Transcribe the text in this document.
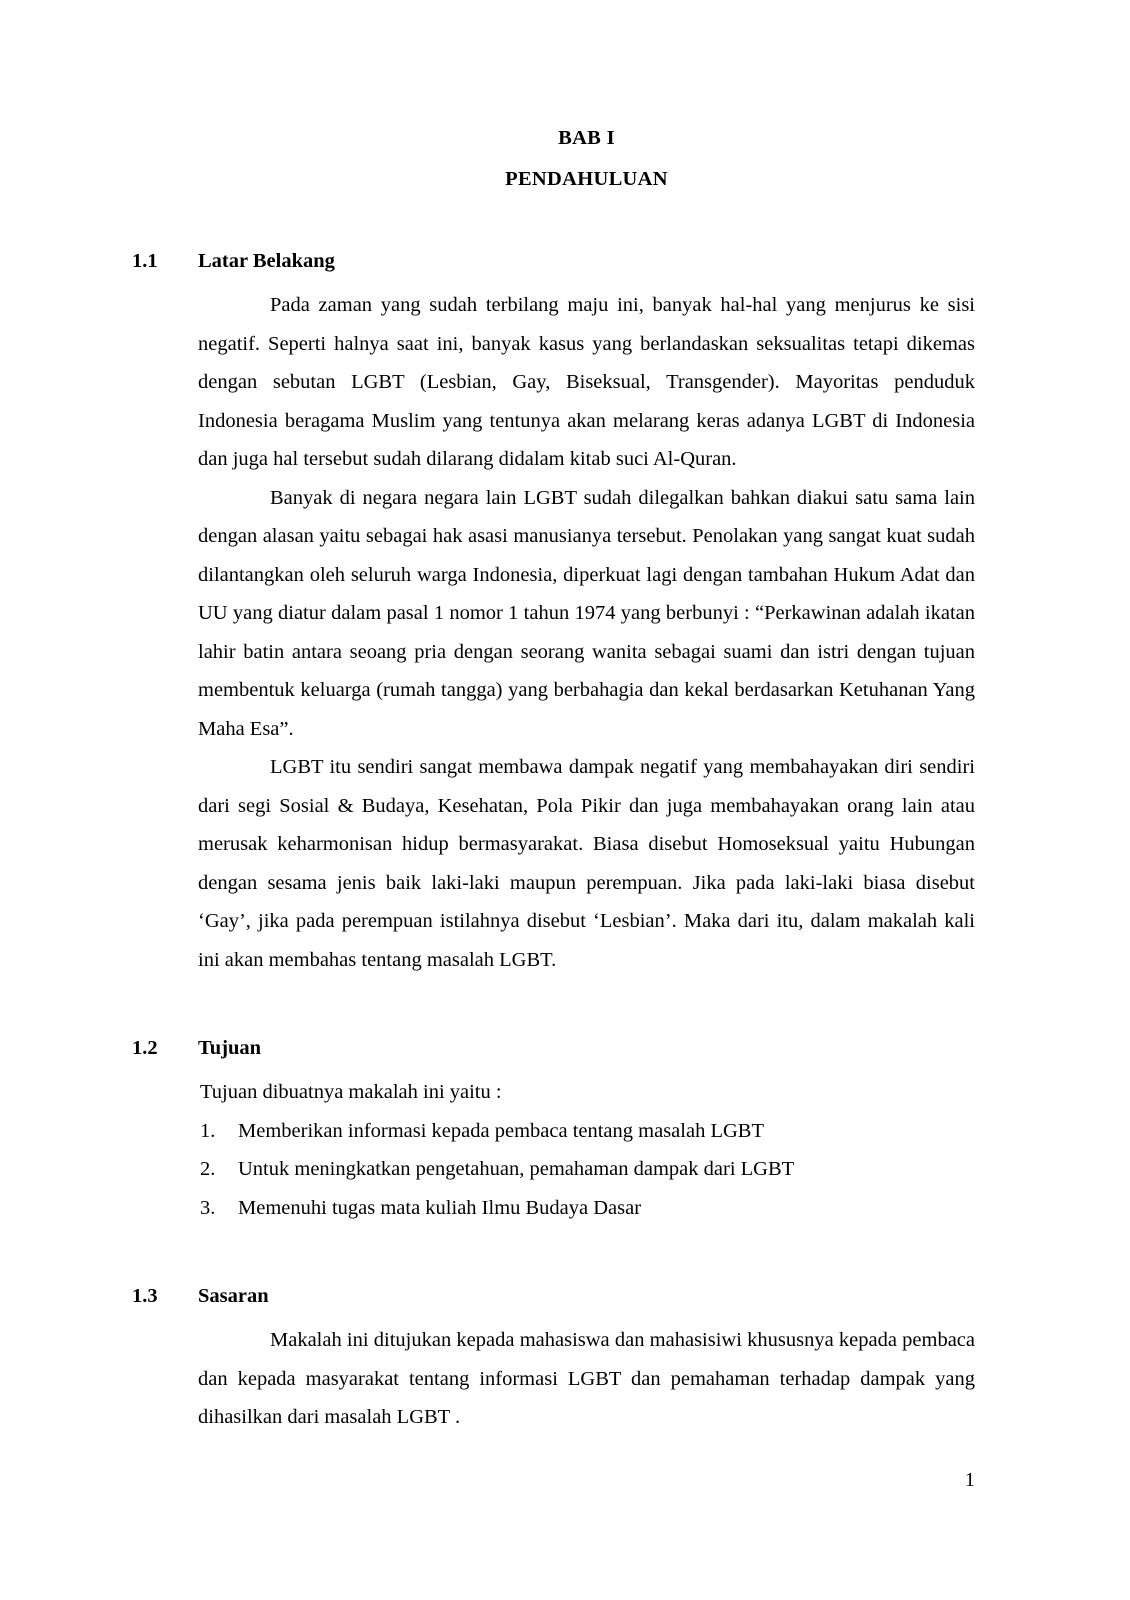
BAB I
PENDAHULUAN
1.1	Latar Belakang

Pada zaman yang sudah terbilang maju ini, banyak hal-hal yang menjurus ke sisi negatif. Seperti halnya saat ini, banyak kasus yang berlandaskan seksualitas tetapi dikemas dengan sebutan LGBT (Lesbian, Gay, Biseksual, Transgender). Mayoritas penduduk Indonesia beragama Muslim yang tentunya akan melarang keras adanya LGBT di Indonesia dan juga hal tersebut sudah dilarang didalam kitab suci Al-Quran.

Banyak di negara negara lain LGBT sudah dilegalkan bahkan diakui satu sama lain dengan alasan yaitu sebagai hak asasi manusianya tersebut. Penolakan yang sangat kuat sudah dilantangkan oleh seluruh warga Indonesia, diperkuat lagi dengan tambahan Hukum Adat dan UU yang diatur dalam pasal 1 nomor 1 tahun 1974 yang berbunyi : “Perkawinan adalah ikatan lahir batin antara seoang pria dengan seorang wanita sebagai suami dan istri dengan tujuan membentuk keluarga (rumah tangga) yang berbahagia dan kekal berdasarkan Ketuhanan Yang Maha Esa”.

LGBT itu sendiri sangat membawa dampak negatif yang membahayakan diri sendiri dari segi Sosial & Budaya, Kesehatan, Pola Pikir dan juga membahayakan orang lain atau merusak keharmonisan hidup bermasyarakat. Biasa disebut Homoseksual yaitu Hubungan dengan sesama jenis baik laki-laki maupun perempuan. Jika pada laki-laki biasa disebut ‘Gay’, jika pada perempuan istilahnya disebut ‘Lesbian’. Maka dari itu, dalam makalah kali ini akan membahas tentang masalah LGBT.

1.2	Tujuan

Tujuan dibuatnya makalah ini yaitu :

1.	Memberikan informasi kepada pembaca tentang masalah LGBT
2.	Untuk meningkatkan pengetahuan, pemahaman dampak dari LGBT
3.	Memenuhi tugas mata kuliah Ilmu Budaya Dasar
1.3	Sasaran

Makalah ini ditujukan kepada mahasiswa dan mahasisiwi khususnya kepada pembaca dan kepada masyarakat tentang informasi LGBT dan pemahaman terhadap dampak yang dihasilkan dari masalah LGBT .

1
